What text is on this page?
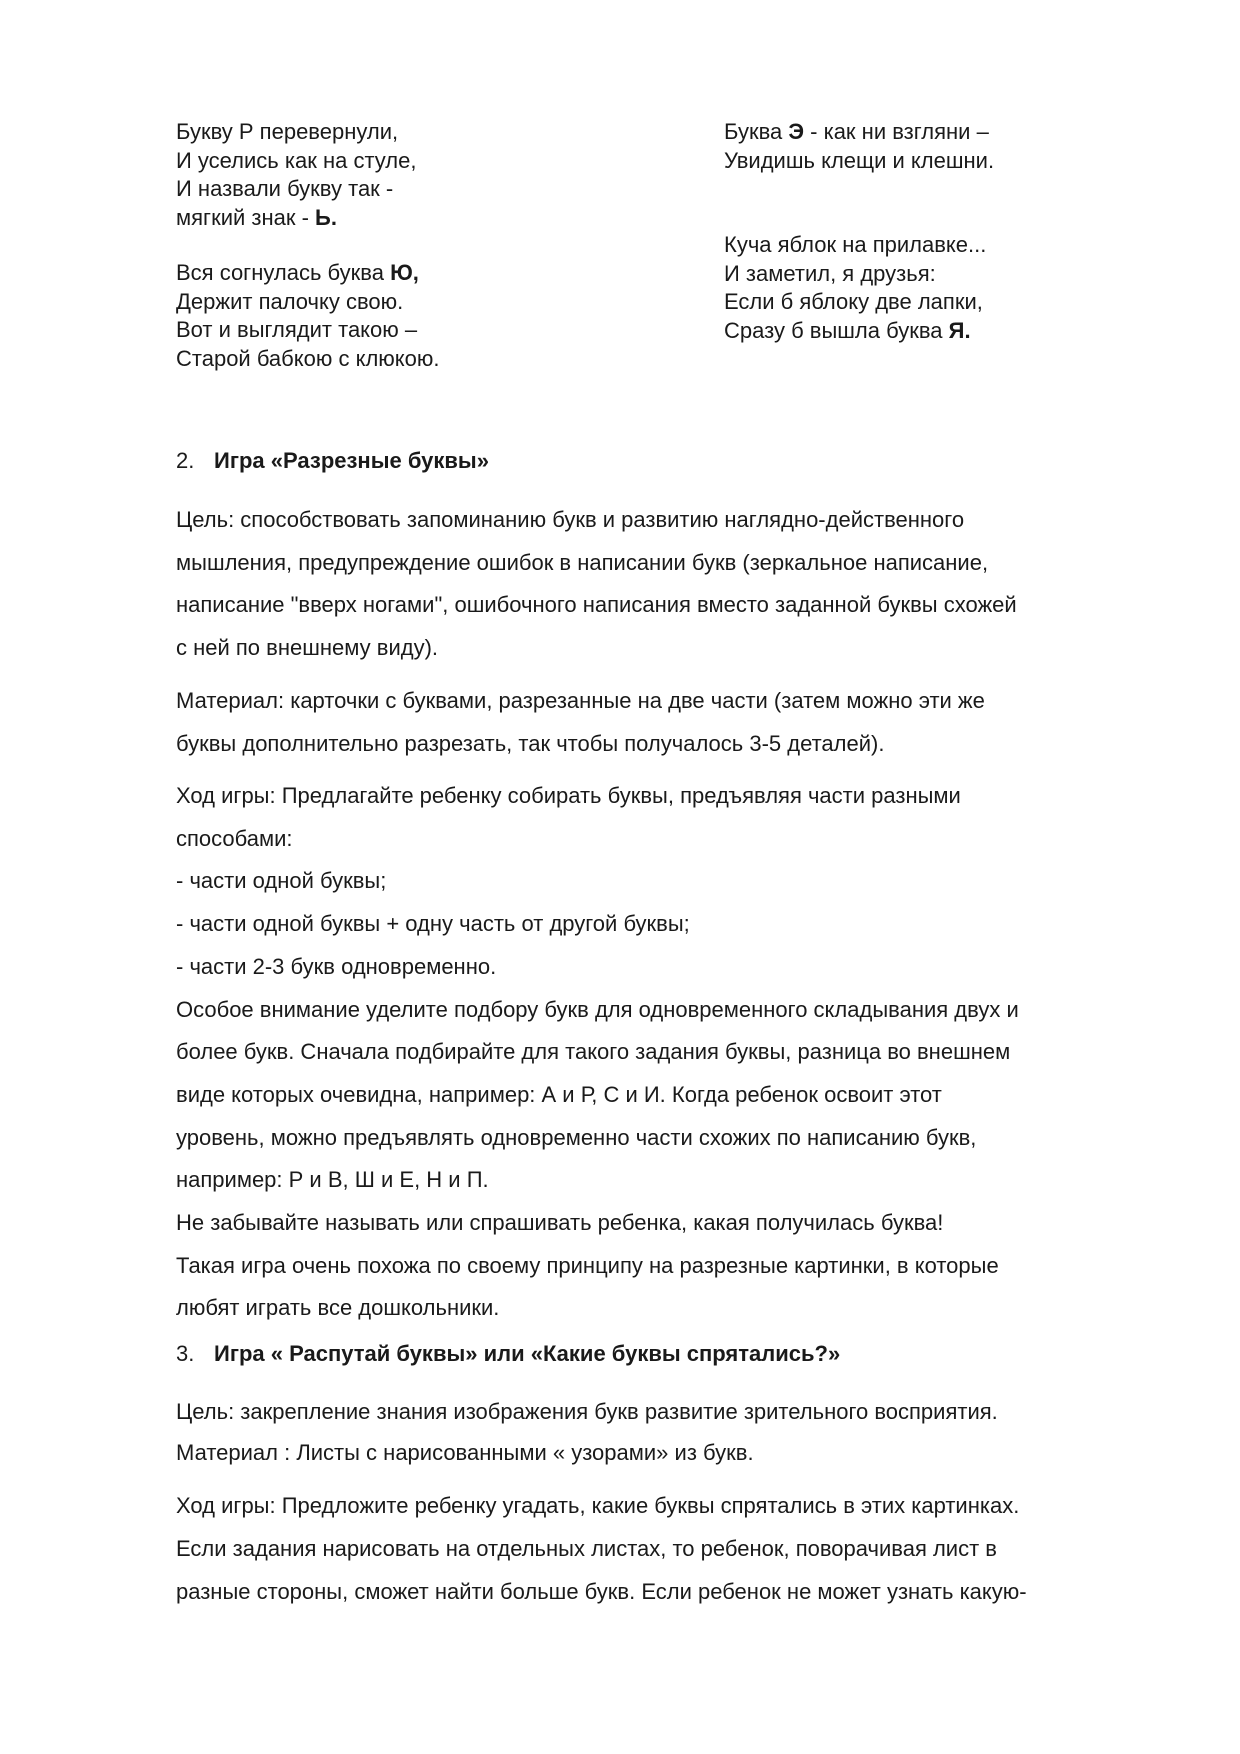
Букву Р перевернули,
И уселись как на стуле,
И назвали букву так -
мягкий знак - Ь.
Вся согнулась буква Ю,
Держит палочку свою.
Вот и выглядит такою –
Старой бабкою с клюкою.
Буква Э - как ни взгляни –
Увидишь клещи и клешни.
Куча яблок на прилавке...
И заметил, я друзья:
Если б яблоку две лапки,
Сразу б вышла буква Я.
2. Игра «Разрезные буквы»
Цель: способствовать запоминанию букв и развитию наглядно-действенного
мышления, предупреждение ошибок в написании букв (зеркальное написание,
написание "вверх ногами", ошибочного написания вместо заданной буквы схожей
с ней по внешнему виду).
Материал: карточки с буквами, разрезанные на две части (затем можно эти же
буквы дополнительно разрезать, так чтобы получалось 3-5 деталей).
Ход игры: Предлагайте ребенку собирать буквы, предъявляя части разными
способами:
- части одной буквы;
- части одной буквы + одну часть от другой буквы;
- части 2-3 букв одновременно.
Особое внимание уделите подбору букв для одновременного складывания двух и
более букв. Сначала подбирайте для такого задания буквы, разница во внешнем
виде которых очевидна, например: А и Р, С и И. Когда ребенок освоит этот
уровень, можно предъявлять одновременно части схожих по написанию букв,
например: Р и В, Ш и Е, Н и П.
Не забывайте называть или спрашивать ребенка, какая получилась буква!
Такая игра очень похожа по своему принципу на разрезные картинки, в которые
любят играть все дошкольники.
3. Игра « Распутай буквы» или «Какие буквы спрятались?»
Цель: закрепление знания изображения букв развитие зрительного восприятия.
Материал : Листы с нарисованными « узорами» из букв.
Ход игры: Предложите ребенку угадать, какие буквы спрятались в этих картинках.
Если задания нарисовать на отдельных листах, то ребенок, поворачивая лист в
разные стороны, сможет найти больше букв. Если ребенок не может узнать какую-
